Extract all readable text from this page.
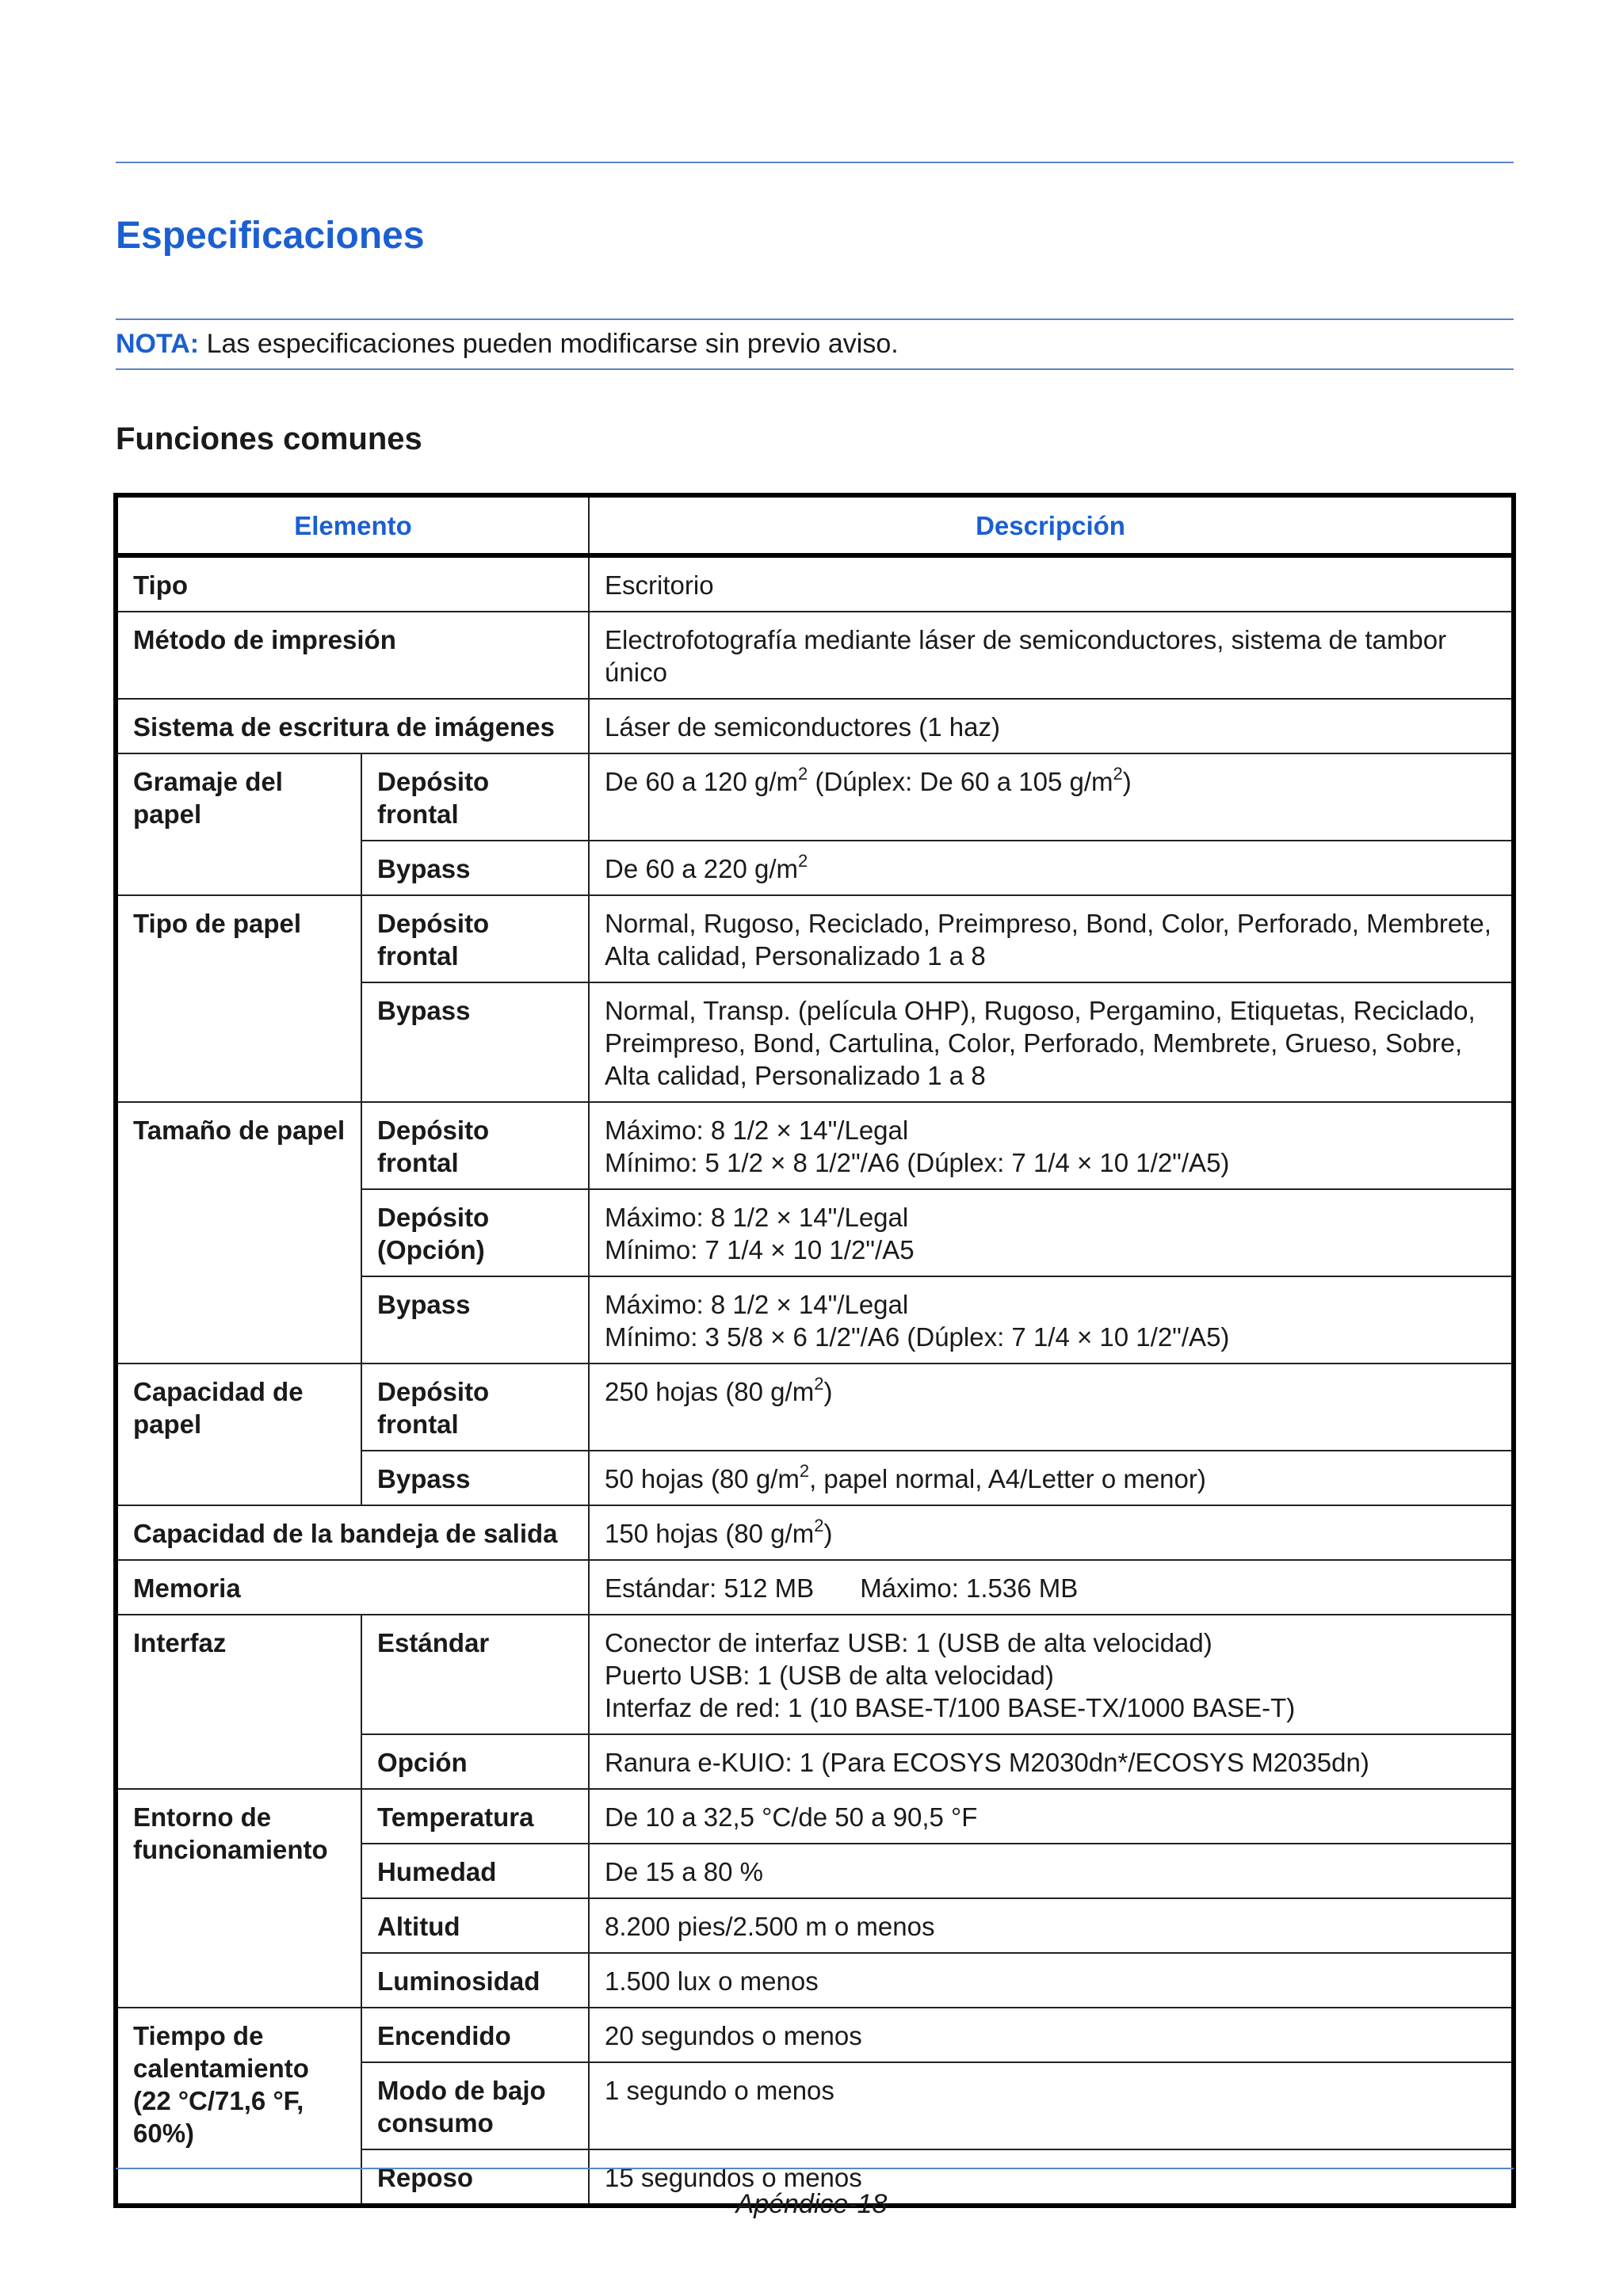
Especificaciones
NOTA: Las especificaciones pueden modificarse sin previo aviso.
Funciones comunes
Elemento		Descripción
Tipo		Escritorio
Método de impresión		Electrofotografía mediante láser de semiconductores, sistema de tambor único
Sistema de escritura de imágenes		Láser de semiconductores (1 haz)
Gramaje del papel	Depósito frontal	De 60 a 120 $g/m^2$ (Dúplex: De 60 a 105 $g/m^2$)
	Bypass	De 60 a 220 $g/m^2$
Tipo de papel	Depósito frontal	Normal, Rugoso, Reciclado, Preimpreso, Bond, Color, Perforado, Membrete, Alta calidad, Personalizado 1 a 8
	Bypass	Normal, Transp. (película OHP), Rugoso, Pergamino, Etiquetas, Reciclado, Preimpreso, Bond, Cartulina, Color, Perforado, Membrete, Grueso, Sobre, Alta calidad, Personalizado 1 a 8
Tamaño de papel	Depósito frontal	Máximo: 8 1/2 × 14"/Legal
Mínimo: 5 1/2 × 8 1/2"/A6 (Dúplex: 7 1/4 × 10 1/2"/A5)

	Depósito (Opción)	Máximo: 8 1/2 × 14"/Legal
Mínimo: 7 1/4 × 10 1/2"/A5

	Bypass	Máximo: 8 1/2 × 14"/Legal
Mínimo: 3 5/8 × 6 1/2"/A6 (Dúplex: 7 1/4 × 10 1/2"/A5)

Capacidad de papel	Depósito frontal	250 hojas (80 $g/m^2$)
	Bypass	50 hojas (80 $g/m^2$, papel normal, A4/Letter o menor)
Capacidad de la bandeja de salida		150 hojas (80 $g/m^2$)
Memoria		Estándar: 512 MB Máximo: 1.536 MB
Interfaz	Estándar	Conector de interfaz USB: 1 (USB de alta velocidad)
Puerto USB: 1 (USB de alta velocidad)
Interfaz de red: 1 (10 BASE-T/100 BASE-TX/1000 BASE-T)

	Opción	Ranura e-KUIO: 1 (Para ECOSYS M2030dn*/ECOSYS M2035dn)
Entorno de funcionamiento	Temperatura	De 10 a 32,5 °C/de 50 a 90,5 °F
	Humedad	De 15 a 80 %
	Altitud	8.200 pies/2.500 m o menos
	Luminosidad	1.500 lux o menos
Tiempo de calentamiento (22 °C/71,6 °F, 60%)	Encendido	20 segundos o menos
	Modo de bajo consumo	1 segundo o menos
	Reposo	15 segundos o menos
Apéndice-18
